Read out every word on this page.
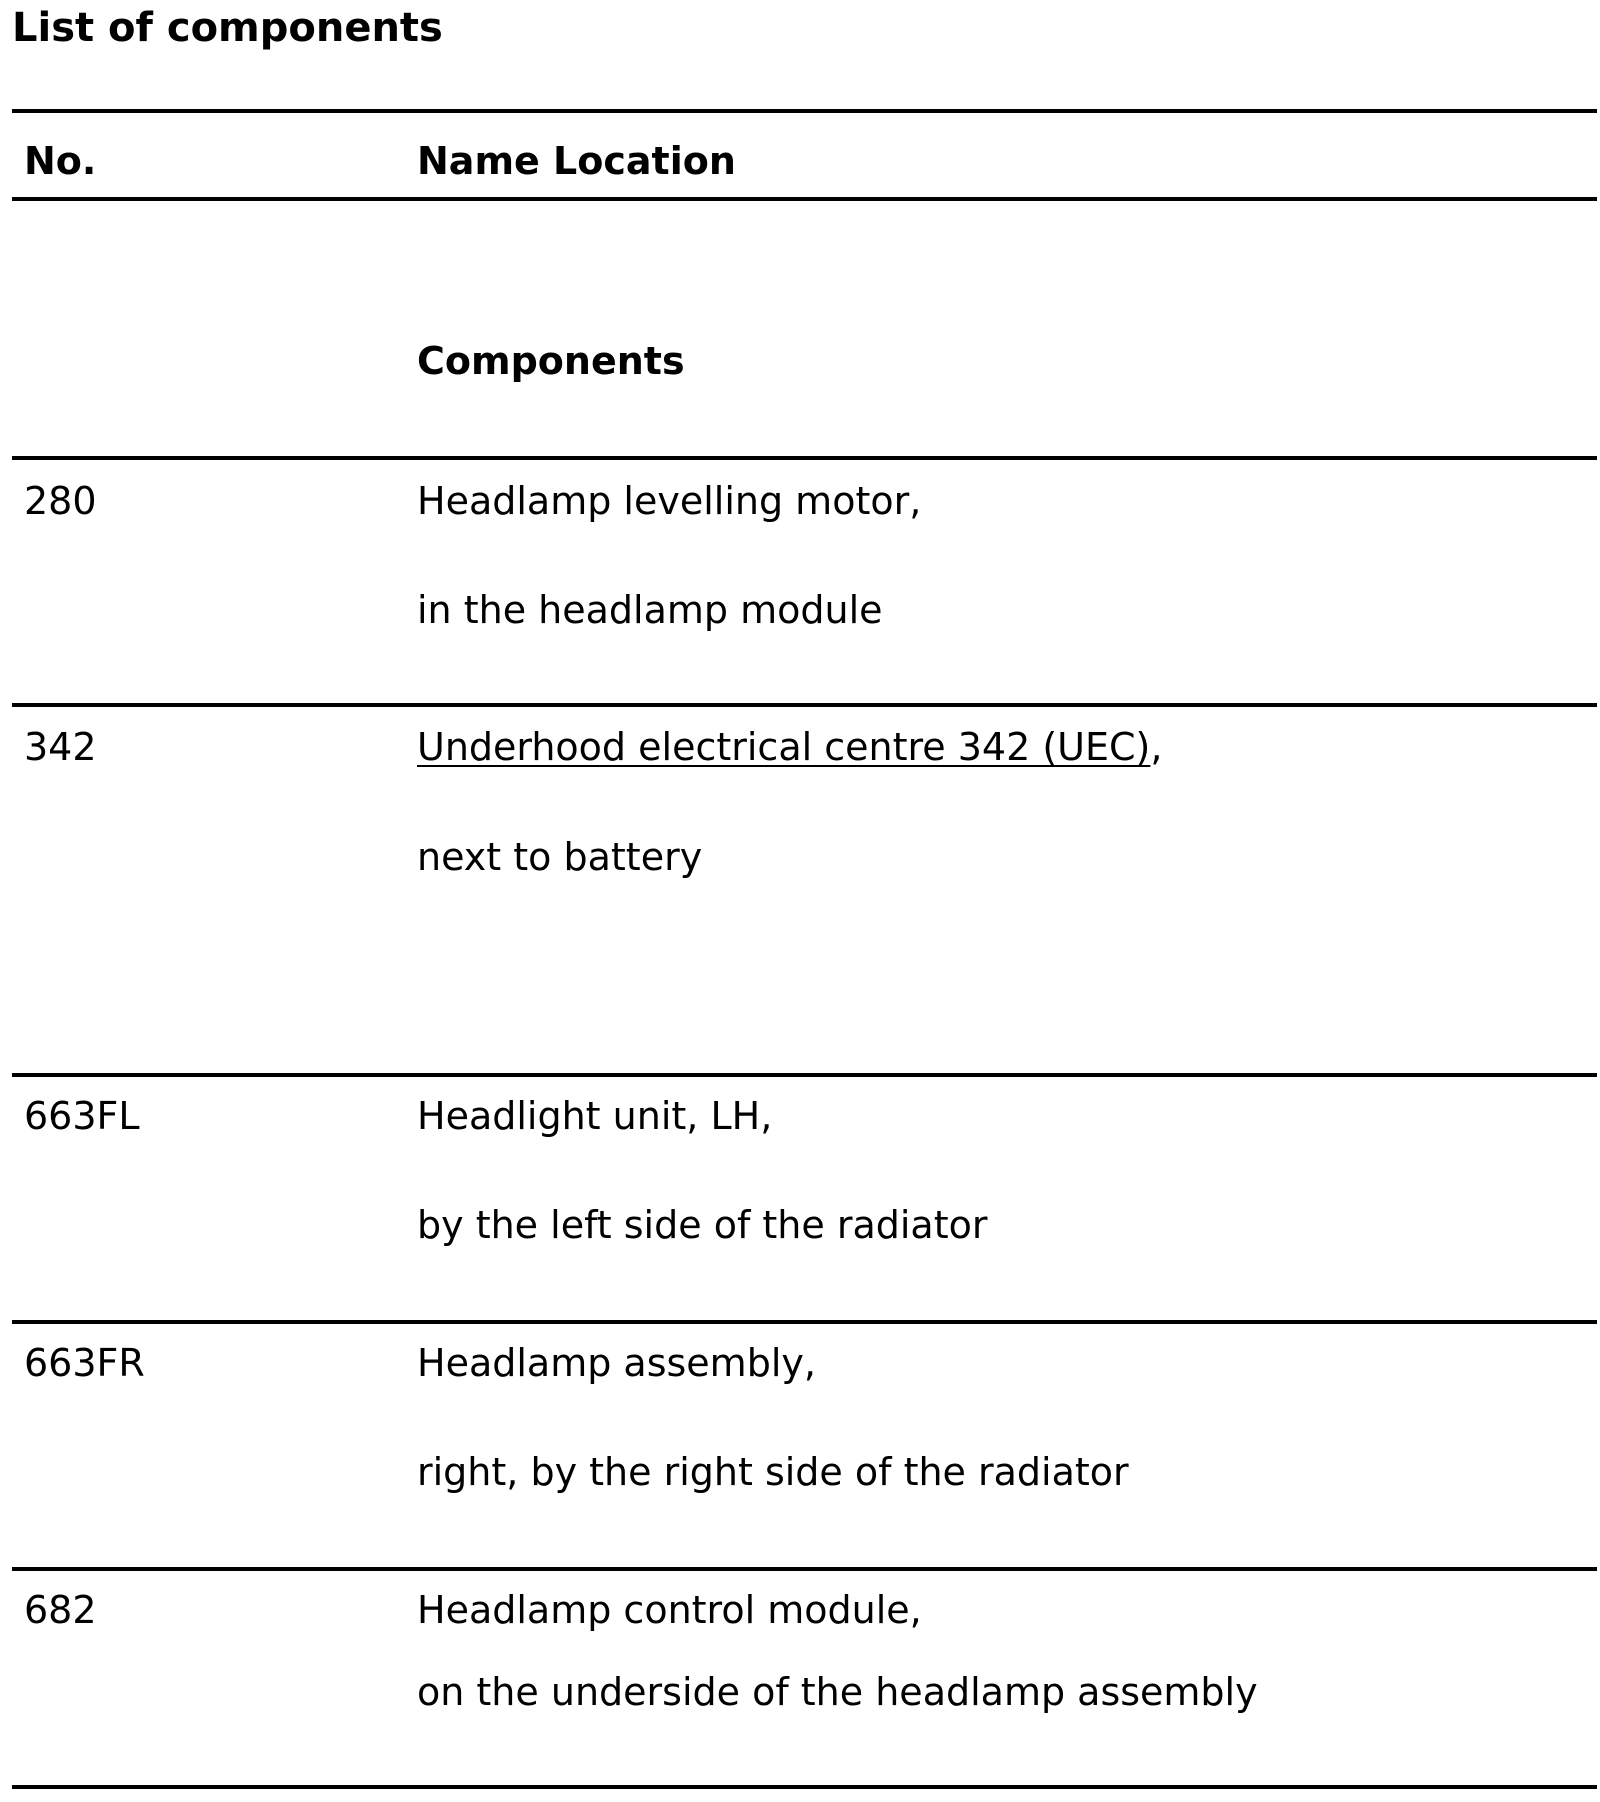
List of components
No.	Name Location
Components
280	Headlamp levelling motor,
in the headlamp module
342	Underhood electrical centre 342 (UEC),
next to battery
663FL	Headlight unit, LH,
by the left side of the radiator
663FR	Headlamp assembly,
right, by the right side of the radiator
682	Headlamp control module,
on the underside of the headlamp assembly
